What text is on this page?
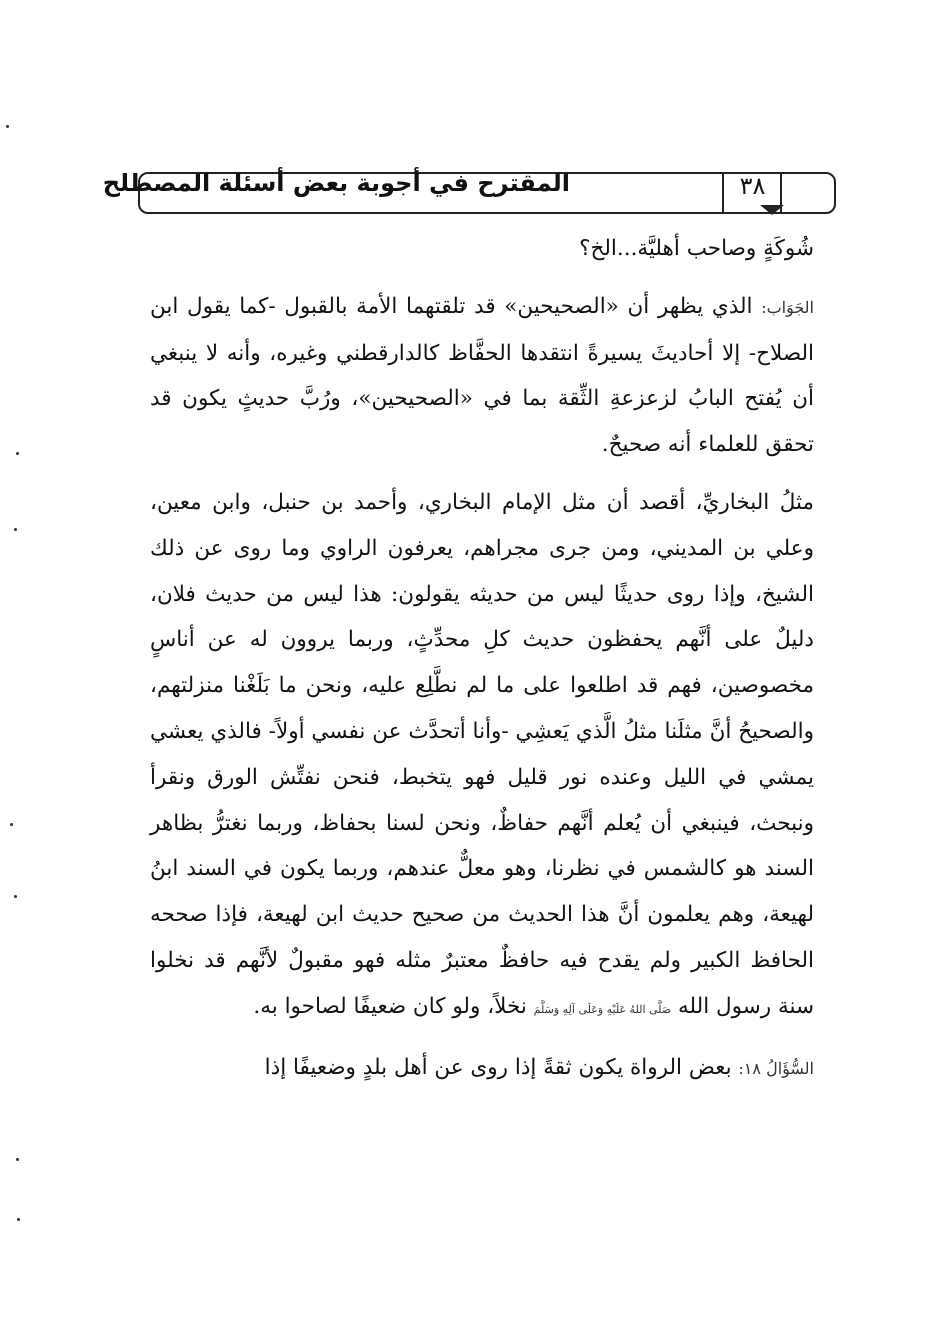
المقترح في أجوبة بعض أسئلة المصطلح	٣٨

شُوكَةٍ وصاحب أهليَّة...الخ؟

الجَوَاب: الذي يظهر أن «الصحيحين» قد تلقتهما الأمة بالقبول -كما يقول ابن الصلاح- إلا أحاديثَ يسيرةً انتقدها الحفَّاظ كالدارقطني وغيره، وأنه لا ينبغي أن يُفتح البابُ لزعزعةِ الثِّقة بما في «الصحيحين»، ورُبَّ حديثٍ يكون قد تحقق للعلماء أنه صحيحٌ.

مثلُ البخاريِّ، أقصد أن مثل الإمام البخاري، وأحمد بن حنبل، وابن معين، وعلي بن المديني، ومن جرى مجراهم، يعرفون الراوي وما روى عن ذلك الشيخ، وإذا روى حديثًا ليس من حديثه يقولون: هذا ليس من حديث فلان، دليلٌ على أنَّهم يحفظون حديث كلِ محدِّثٍ، وربما يروون له عن أناسٍ مخصوصين، فهم قد اطلعوا على ما لم نطَّلِع عليه، ونحن ما بَلَغْنا منزلتهم، والصحيحُ أنَّ مثلَنا مثلُ الَّذي يَعشِي -وأنا أتحدَّث عن نفسي أولاً- فالذي يعشي يمشي في الليل وعنده نور قليل فهو يتخبط، فنحن نفتِّش الورق ونقرأ ونبحث، فينبغي أن يُعلم أنَّهم حفاظٌ، ونحن لسنا بحفاظ، وربما نغترُّ بظاهر السند هو كالشمس في نظرنا، وهو معلٌّ عندهم، وربما يكون في السند ابنُ لهيعة، وهم يعلمون أنَّ هذا الحديث من صحيح حديث ابن لهيعة، فإذا صححه الحافظ الكبير ولم يقدح فيه حافظٌ معتبرٌ مثله فهو مقبولٌ لأنَّهم قد نخلوا سنة رسول الله صَلَّى اللهُ عَلَيْهِ وَعَلَى آلِهِ وَسَلَّمَ نخلاً، ولو كان ضعيفًا لصاحوا به.

السُّؤَالُ ١٨: بعض الرواة يكون ثقةً إذا روى عن أهل بلدٍ وضعيفًا إذا
